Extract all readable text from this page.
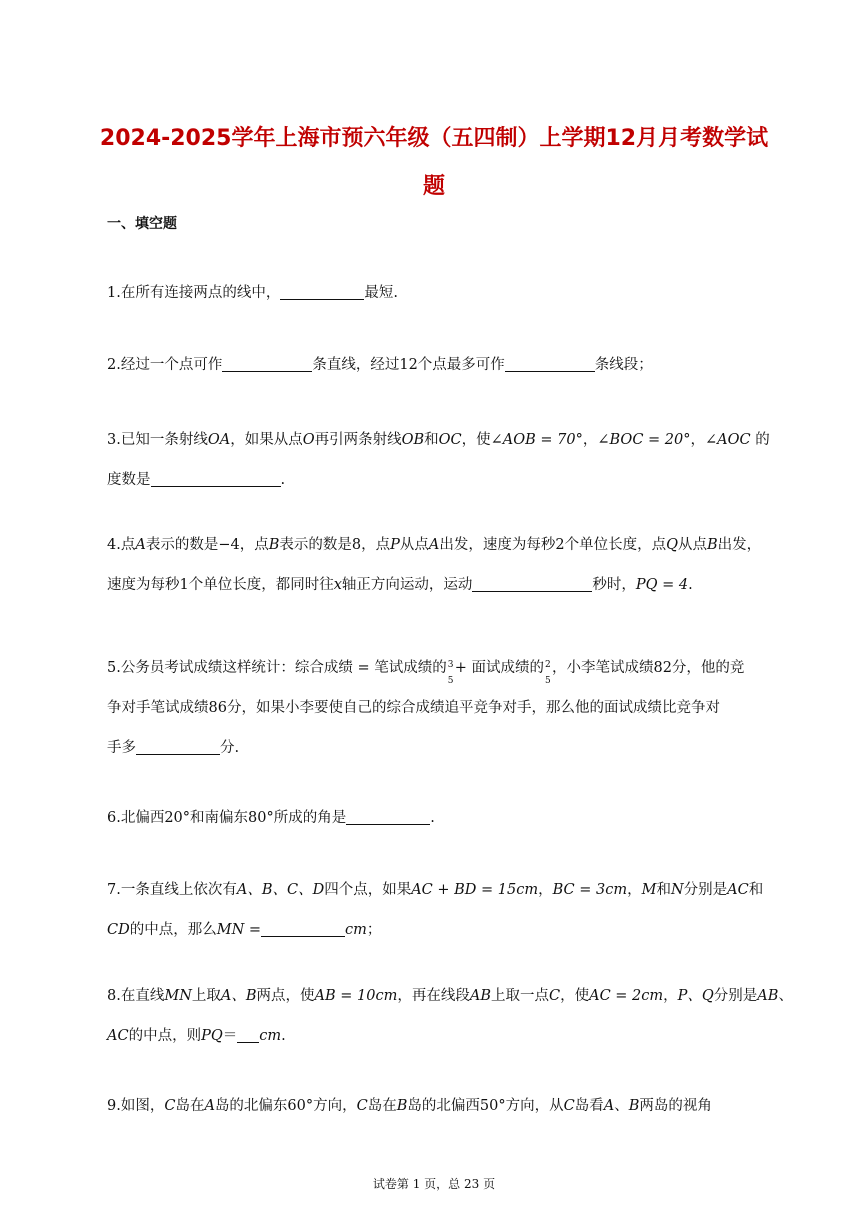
2024-2025学年上海市预六年级（五四制）上学期12月月考数学试
题
一、填空题
1.在所有连接两点的线中，	最短.
2.经过一个点可作	条直线，经过12个点最多可作	条线段；
3.已知一条射线OA，如果从点O再引两条射线OB和OC，使∠AOB = 70°，∠BOC = 20°，∠AOC 的
度数是	.
4.点A表示的数是−4，点B表示的数是8，点P从点A出发，速度为每秒2个单位长度，点Q从点B出发，
速度为每秒1个单位长度，都同时往x轴正方向运动，运动	秒时，PQ = 4.
5.公务员考试成绩这样统计：综合成绩 = 笔试成绩的 3
5
+ 面试成绩的 2
5
，小李笔试成绩82分，他的竞
争对手笔试成绩86分，如果小李要使自己的综合成绩追平竞争对手，那么他的面试成绩比竞争对
手多	分.
6.北偏西20°和南偏东80°所成的角是	.
7.一条直线上依次有A、B、C、D四个点，如果AC + BD = 15cm，BC = 3cm，M和N分别是AC和
CD的中点，那么MN =	cm；
8.在直线MN上取A、B两点，使AB = 10cm，再在线段AB上取一点C，使AC = 2cm，P、Q分别是AB、
AC的中点，则PQ＝ cm.
9.如图，C岛在A岛的北偏东60°方向，C岛在B岛的北偏西50°方向，从C岛看A、B两岛的视角
试卷第 1 页，总 23 页
